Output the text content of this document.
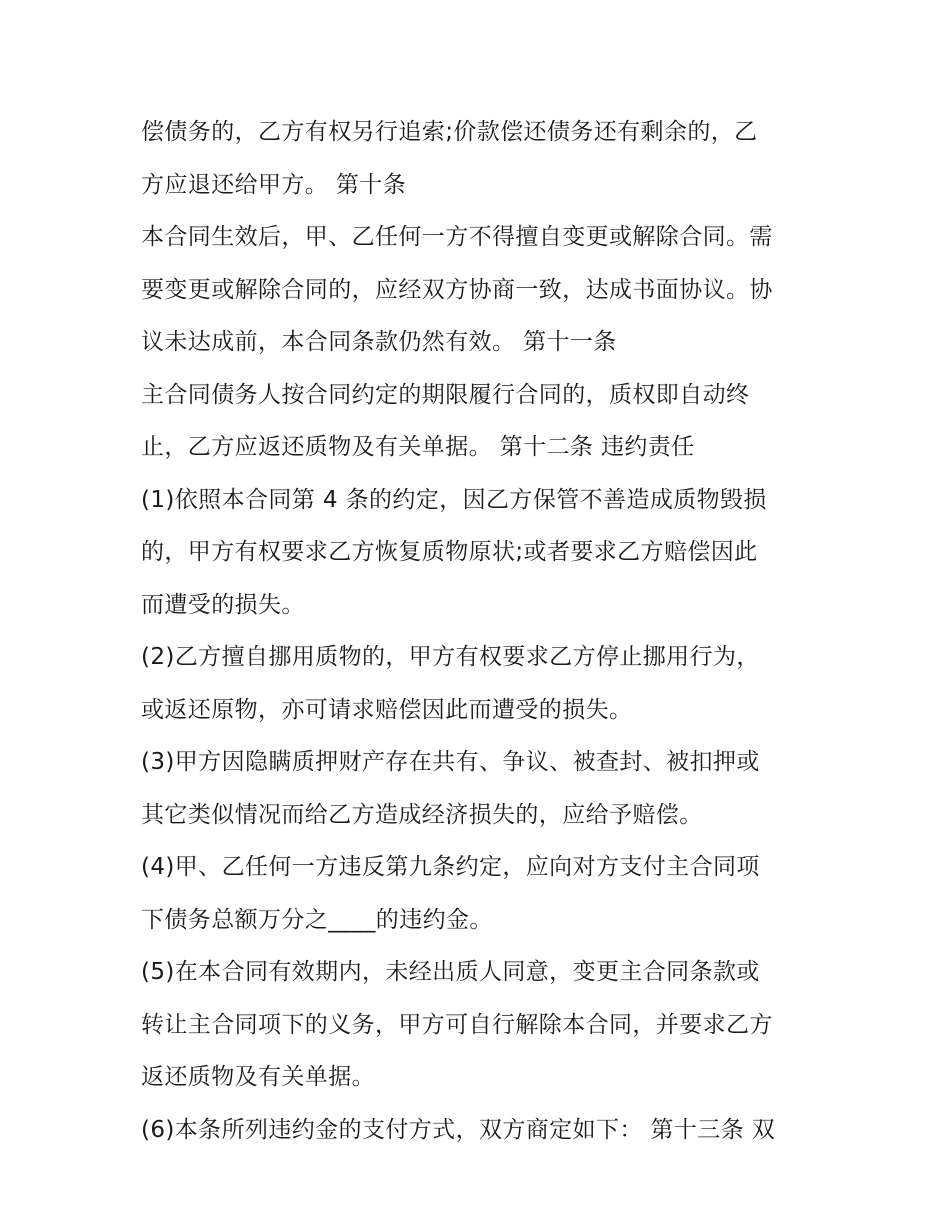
偿债务的，乙方有权另行追索;价款偿还债务还有剩余的，乙
方应退还给甲方。 第十条
本合同生效后，甲、乙任何一方不得擅自变更或解除合同。需
要变更或解除合同的，应经双方协商一致，达成书面协议。协
议未达成前，本合同条款仍然有效。 第十一条
主合同债务人按合同约定的期限履行合同的，质权即自动终
止，乙方应返还质物及有关单据。 第十二条 违约责任
(1)依照本合同第 4 条的约定，因乙方保管不善造成质物毁损
的，甲方有权要求乙方恢复质物原状;或者要求乙方赔偿因此
而遭受的损失。
(2)乙方擅自挪用质物的，甲方有权要求乙方停止挪用行为，
或返还原物，亦可请求赔偿因此而遭受的损失。
(3)甲方因隐瞒质押财产存在共有、争议、被查封、被扣押或
其它类似情况而给乙方造成经济损失的，应给予赔偿。
(4)甲、乙任何一方违反第九条约定，应向对方支付主合同项
下债务总额万分之____的违约金。
(5)在本合同有效期内，未经出质人同意，变更主合同条款或
转让主合同项下的义务，甲方可自行解除本合同，并要求乙方
返还质物及有关单据。
(6)本条所列违约金的支付方式，双方商定如下： 第十三条 双
